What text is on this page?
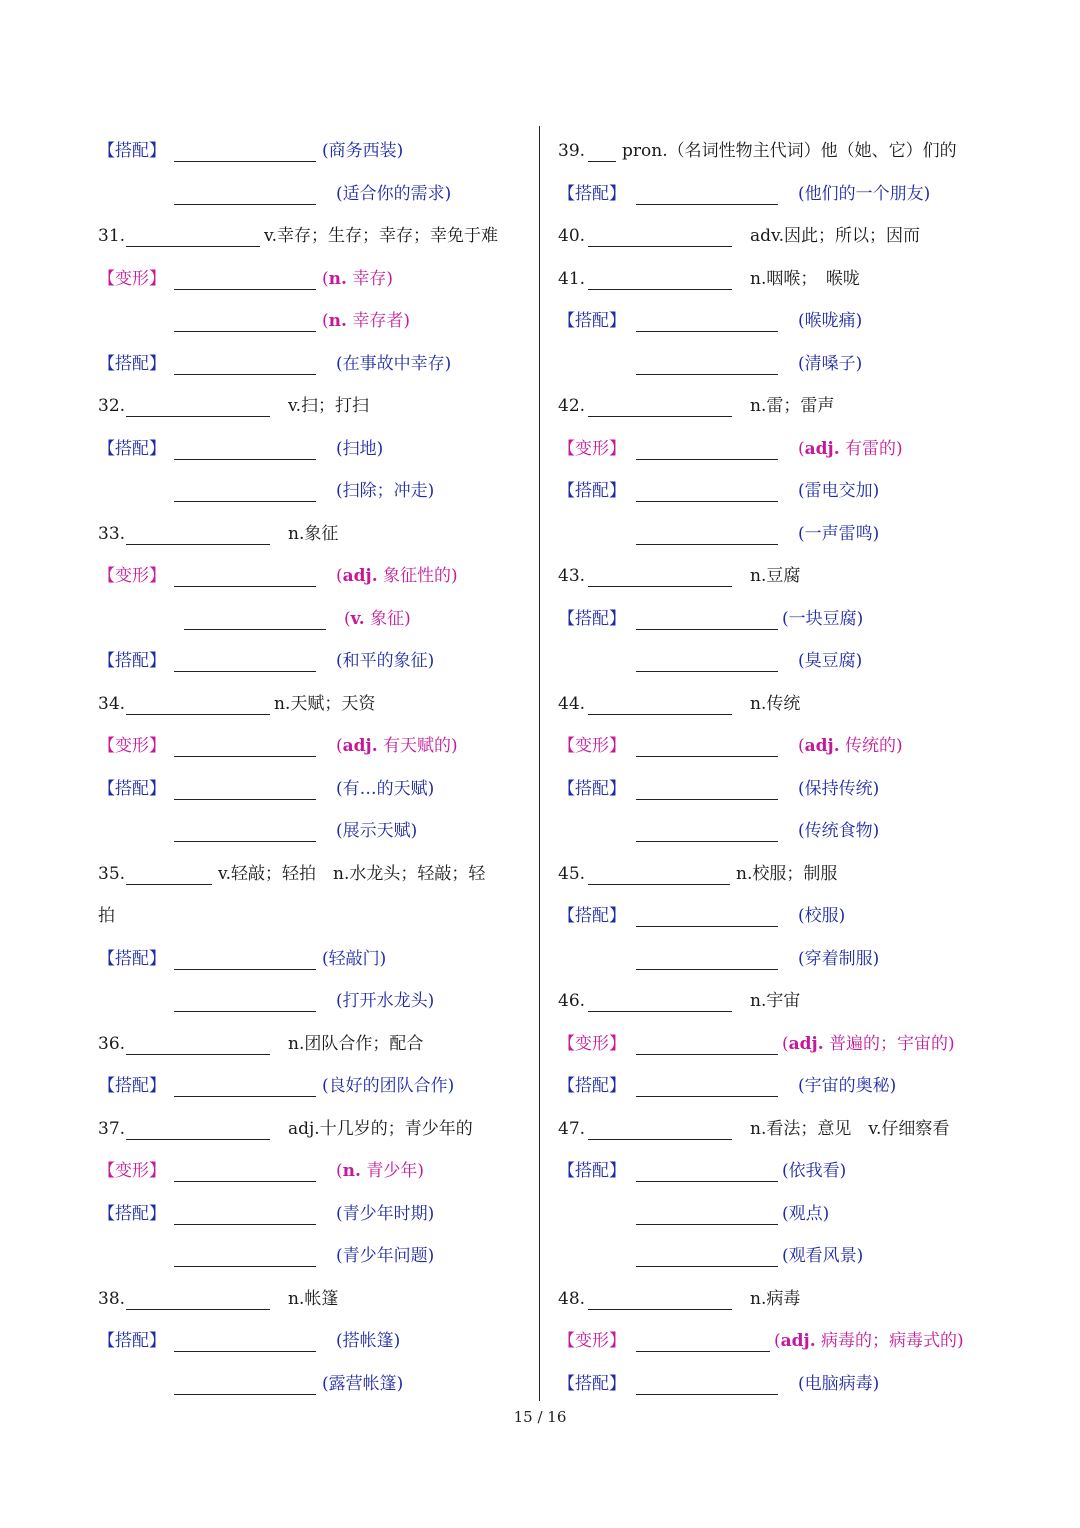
【搭配】	(商务西装)
(适合你的需求)
31.	v.幸存；生存；幸存；幸免于难
【变形】	(n. 幸存)
(n. 幸存者)
【搭配】	(在事故中幸存)
32.	v.扫；打扫
【搭配】	(扫地)
(扫除；冲走)
33.	n.象征
【变形】	(adj. 象征性的)
(v. 象征)
【搭配】	(和平的象征)
34.	n.天赋；天资
【变形】	(adj. 有天赋的)
【搭配】	(有…的天赋)
(展示天赋)
35.	v.轻敲；轻拍　n.水龙头；轻敲；轻
拍
【搭配】	(轻敲门)
(打开水龙头)
36.	n.团队合作；配合
【搭配】	(良好的团队合作)
37.	adj.十几岁的；青少年的
【变形】	(n. 青少年)
【搭配】	(青少年时期)
(青少年问题)
38.	n.帐篷
【搭配】	(搭帐篷)
(露营帐篷)
39. pron.（名词性物主代词）他（她、它）们的
【搭配】	(他们的一个朋友)
40.	adv.因此；所以；因而
41.	n.咽喉；　喉咙
【搭配】	(喉咙痛)
(清嗓子)
42.	n.雷；雷声
【变形】	(adj. 有雷的)
【搭配】	(雷电交加)
(一声雷鸣)
43.	n.豆腐
【搭配】	(一块豆腐)
(臭豆腐)
44.	n.传统
【变形】	(adj. 传统的)
【搭配】	(保持传统)
(传统食物)
45.	n.校服；制服
【搭配】	(校服)
(穿着制服)
46.	n.宇宙
【变形】	(adj. 普遍的；宇宙的)
【搭配】	(宇宙的奥秘)
47.	n.看法；意见　v.仔细察看
【搭配】	(依我看)
(观点)
(观看风景)
48.	n.病毒
【变形】	(adj. 病毒的；病毒式的)
【搭配】	(电脑病毒)
15 / 16
